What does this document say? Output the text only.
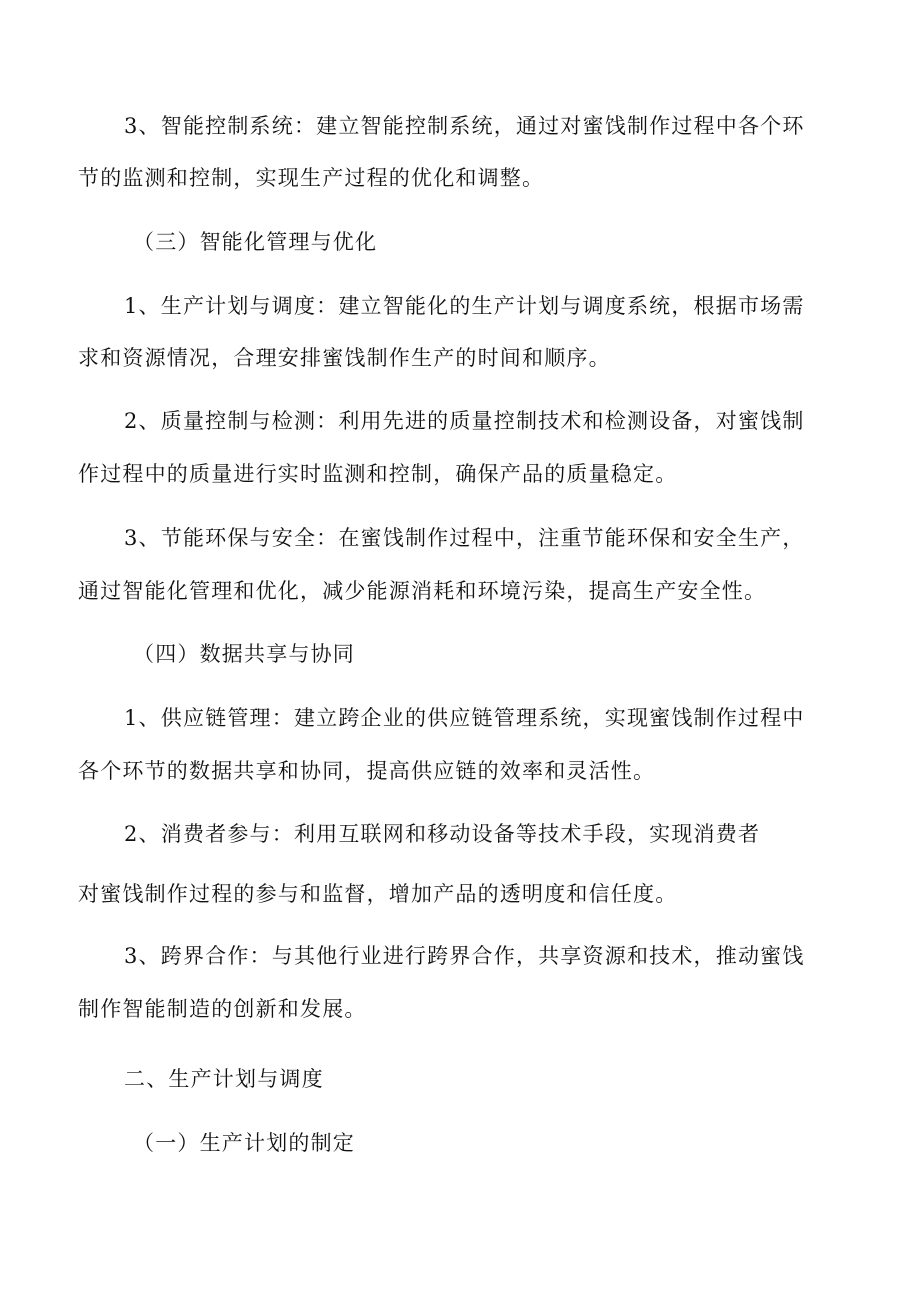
3、智能控制系统：建立智能控制系统，通过对蜜饯制作过程中各个环
节的监测和控制，实现生产过程的优化和调整。
（三）智能化管理与优化
1、生产计划与调度：建立智能化的生产计划与调度系统，根据市场需
求和资源情况，合理安排蜜饯制作生产的时间和顺序。
2、质量控制与检测：利用先进的质量控制技术和检测设备，对蜜饯制
作过程中的质量进行实时监测和控制，确保产品的质量稳定。
3、节能环保与安全：在蜜饯制作过程中，注重节能环保和安全生产，
通过智能化管理和优化，减少能源消耗和环境污染，提高生产安全性。
（四）数据共享与协同
1、供应链管理：建立跨企业的供应链管理系统，实现蜜饯制作过程中
各个环节的数据共享和协同，提高供应链的效率和灵活性。
2、消费者参与：利用互联网和移动设备等技术手段，实现消费者
对蜜饯制作过程的参与和监督，增加产品的透明度和信任度。
3、跨界合作：与其他行业进行跨界合作，共享资源和技术，推动蜜饯
制作智能制造的创新和发展。
二、生产计划与调度
（一）生产计划的制定
